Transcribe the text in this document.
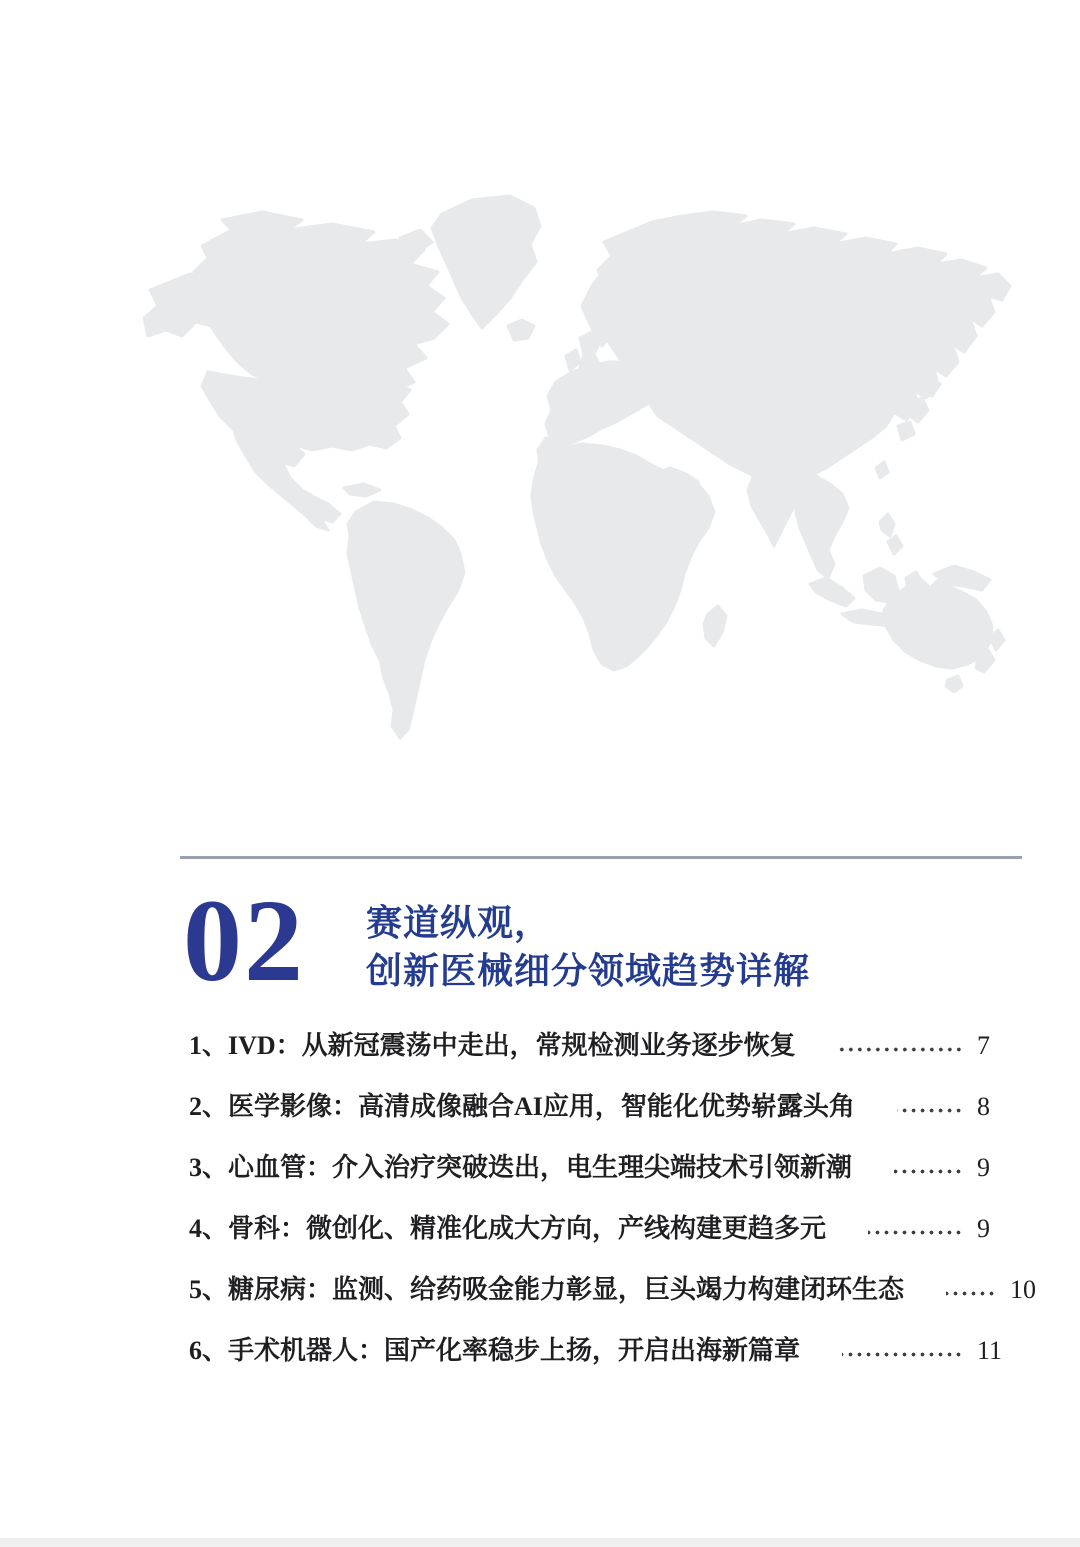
02 赛道纵观，
创新医械细分领域趋势详解
1、IVD：从新冠震荡中走出，常规检测业务逐步恢复	7
2、医学影像：高清成像融合AI应用，智能化优势崭露头角	8
3、心血管：介入治疗突破迭出，电生理尖端技术引领新潮	9
4、骨科：微创化、精准化成大方向，产线构建更趋多元	9
5、糖尿病：监测、给药吸金能力彰显，巨头竭力构建闭环生态	10
6、手术机器人：国产化率稳步上扬，开启出海新篇章	11
